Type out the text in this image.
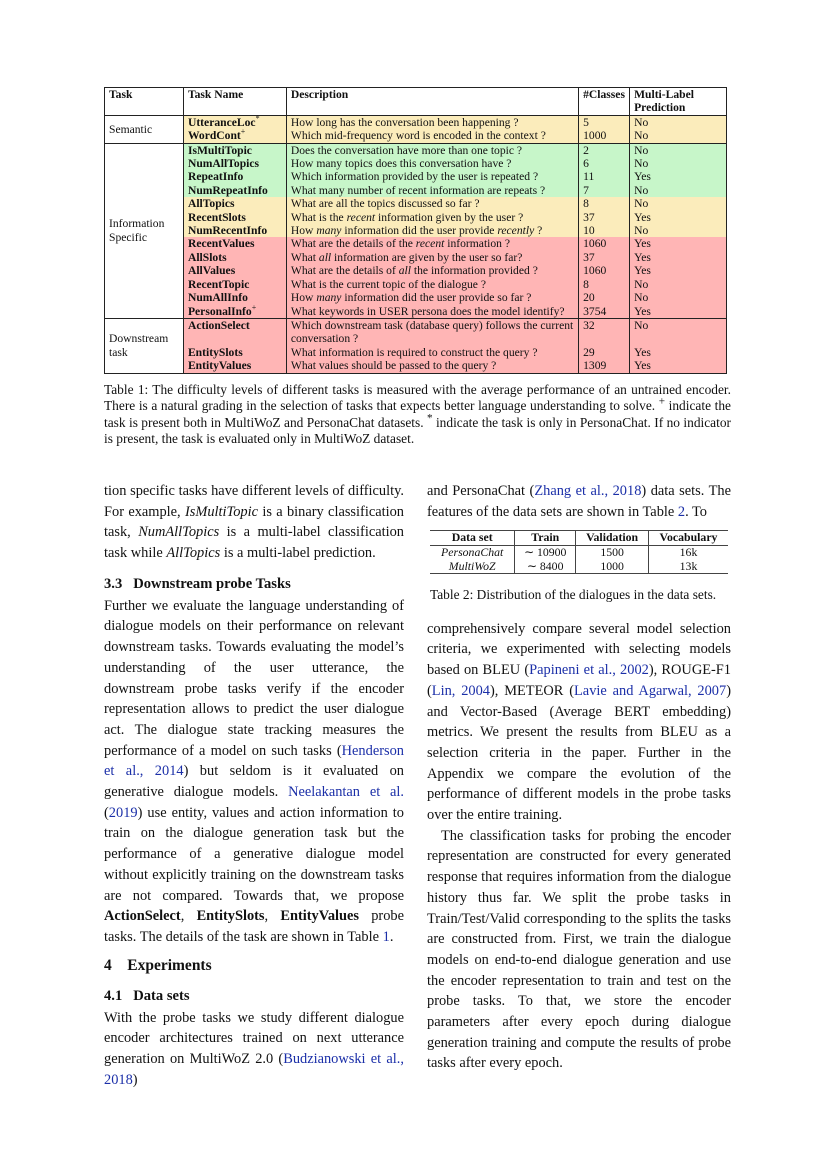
Task	Task Name	Description	#Classes	Multi-Label Prediction
Semantic	UtteranceLoc*	How long has the conversation been happening ?	5	No
	WordCont+	Which mid-frequency word is encoded in the context ?	1000	No
Information Specific	IsMultiTopic	Does the conversation have more than one topic ?	2	No
	NumAllTopics	How many topics does this conversation have ?	6	No
	RepeatInfo	Which information provided by the user is repeated ?	11	Yes
	NumRepeatInfo	What many number of recent information are repeats ?	7	No
	AllTopics	What are all the topics discussed so far ?	8	No
	RecentSlots	What is the recent information given by the user ?	37	Yes
	NumRecentInfo	How many information did the user provide recently ?	10	No
	RecentValues	What are the details of the recent information ?	1060	Yes
	AllSlots	What all information are given by the user so far?	37	Yes
	AllValues	What are the details of all the information provided ?	1060	Yes
	RecentTopic	What is the current topic of the dialogue ?	8	No
	NumAllInfo	How many information did the user provide so far ?	20	No
	PersonalInfo+	What keywords in USER persona does the model identify?	3754	Yes
Downstream task	ActionSelect	Which downstream task (database query) follows the current conversation ?	32	No
	EntitySlots	What information is required to construct the query ?	29	Yes
	EntityValues	What values should be passed to the query ?	1309	Yes
Table 1: The difficulty levels of different tasks is measured with the average performance of an untrained encoder. There is a natural grading in the selection of tasks that expects better language understanding to solve. + indicate the task is present both in MultiWoZ and PersonaChat datasets. * indicate the task is only in PersonaChat. If no indicator is present, the task is evaluated only in MultiWoZ dataset.
tion specific tasks have different levels of difficulty. For example, IsMultiTopic is a binary classification task, NumAllTopics is a multi-label classification task while AllTopics is a multi-label prediction.
3.3   Downstream probe Tasks
Further we evaluate the language understanding of dialogue models on their performance on relevant downstream tasks. Towards evaluating the model’s understanding of the user utterance, the downstream probe tasks verify if the encoder representation allows to predict the user dialogue act. The dialogue state tracking measures the performance of a model on such tasks (Henderson et al., 2014) but seldom is it evaluated on generative dialogue models. Neelakantan et al. (2019) use entity, values and action information to train on the dialogue generation task but the performance of a generative dialogue model without explicitly training on the downstream tasks are not compared. Towards that, we propose ActionSelect, EntitySlots, EntityValues probe tasks. The details of the task are shown in Table 1.
4    Experiments
4.1   Data sets
With the probe tasks we study different dialogue encoder architectures trained on next utterance generation on MultiWoZ 2.0 (Budzianowski et al., 2018)
and PersonaChat (Zhang et al., 2018) data sets. The features of the data sets are shown in Table 2. To
Data set	Train	Validation	Vocabulary
PersonaChat	∼ 10900	1500	16k
MultiWoZ	∼ 8400	1000	13k
Table 2: Distribution of the dialogues in the data sets.
comprehensively compare several model selection criteria, we experimented with selecting models based on BLEU (Papineni et al., 2002), ROUGE-F1 (Lin, 2004), METEOR (Lavie and Agarwal, 2007) and Vector-Based (Average BERT embedding) metrics. We present the results from BLEU as a selection criteria in the paper. Further in the Appendix we compare the evolution of the performance of different models in the probe tasks over the entire training.
The classification tasks for probing the encoder representation are constructed for every generated response that requires information from the dialogue history thus far. We split the probe tasks in Train/Test/Valid corresponding to the splits the tasks are constructed from. First, we train the dialogue models on end-to-end dialogue generation and use the encoder representation to train and test on the probe tasks. To that, we store the encoder parameters after every epoch during dialogue generation training and compute the results of probe tasks after every epoch.
